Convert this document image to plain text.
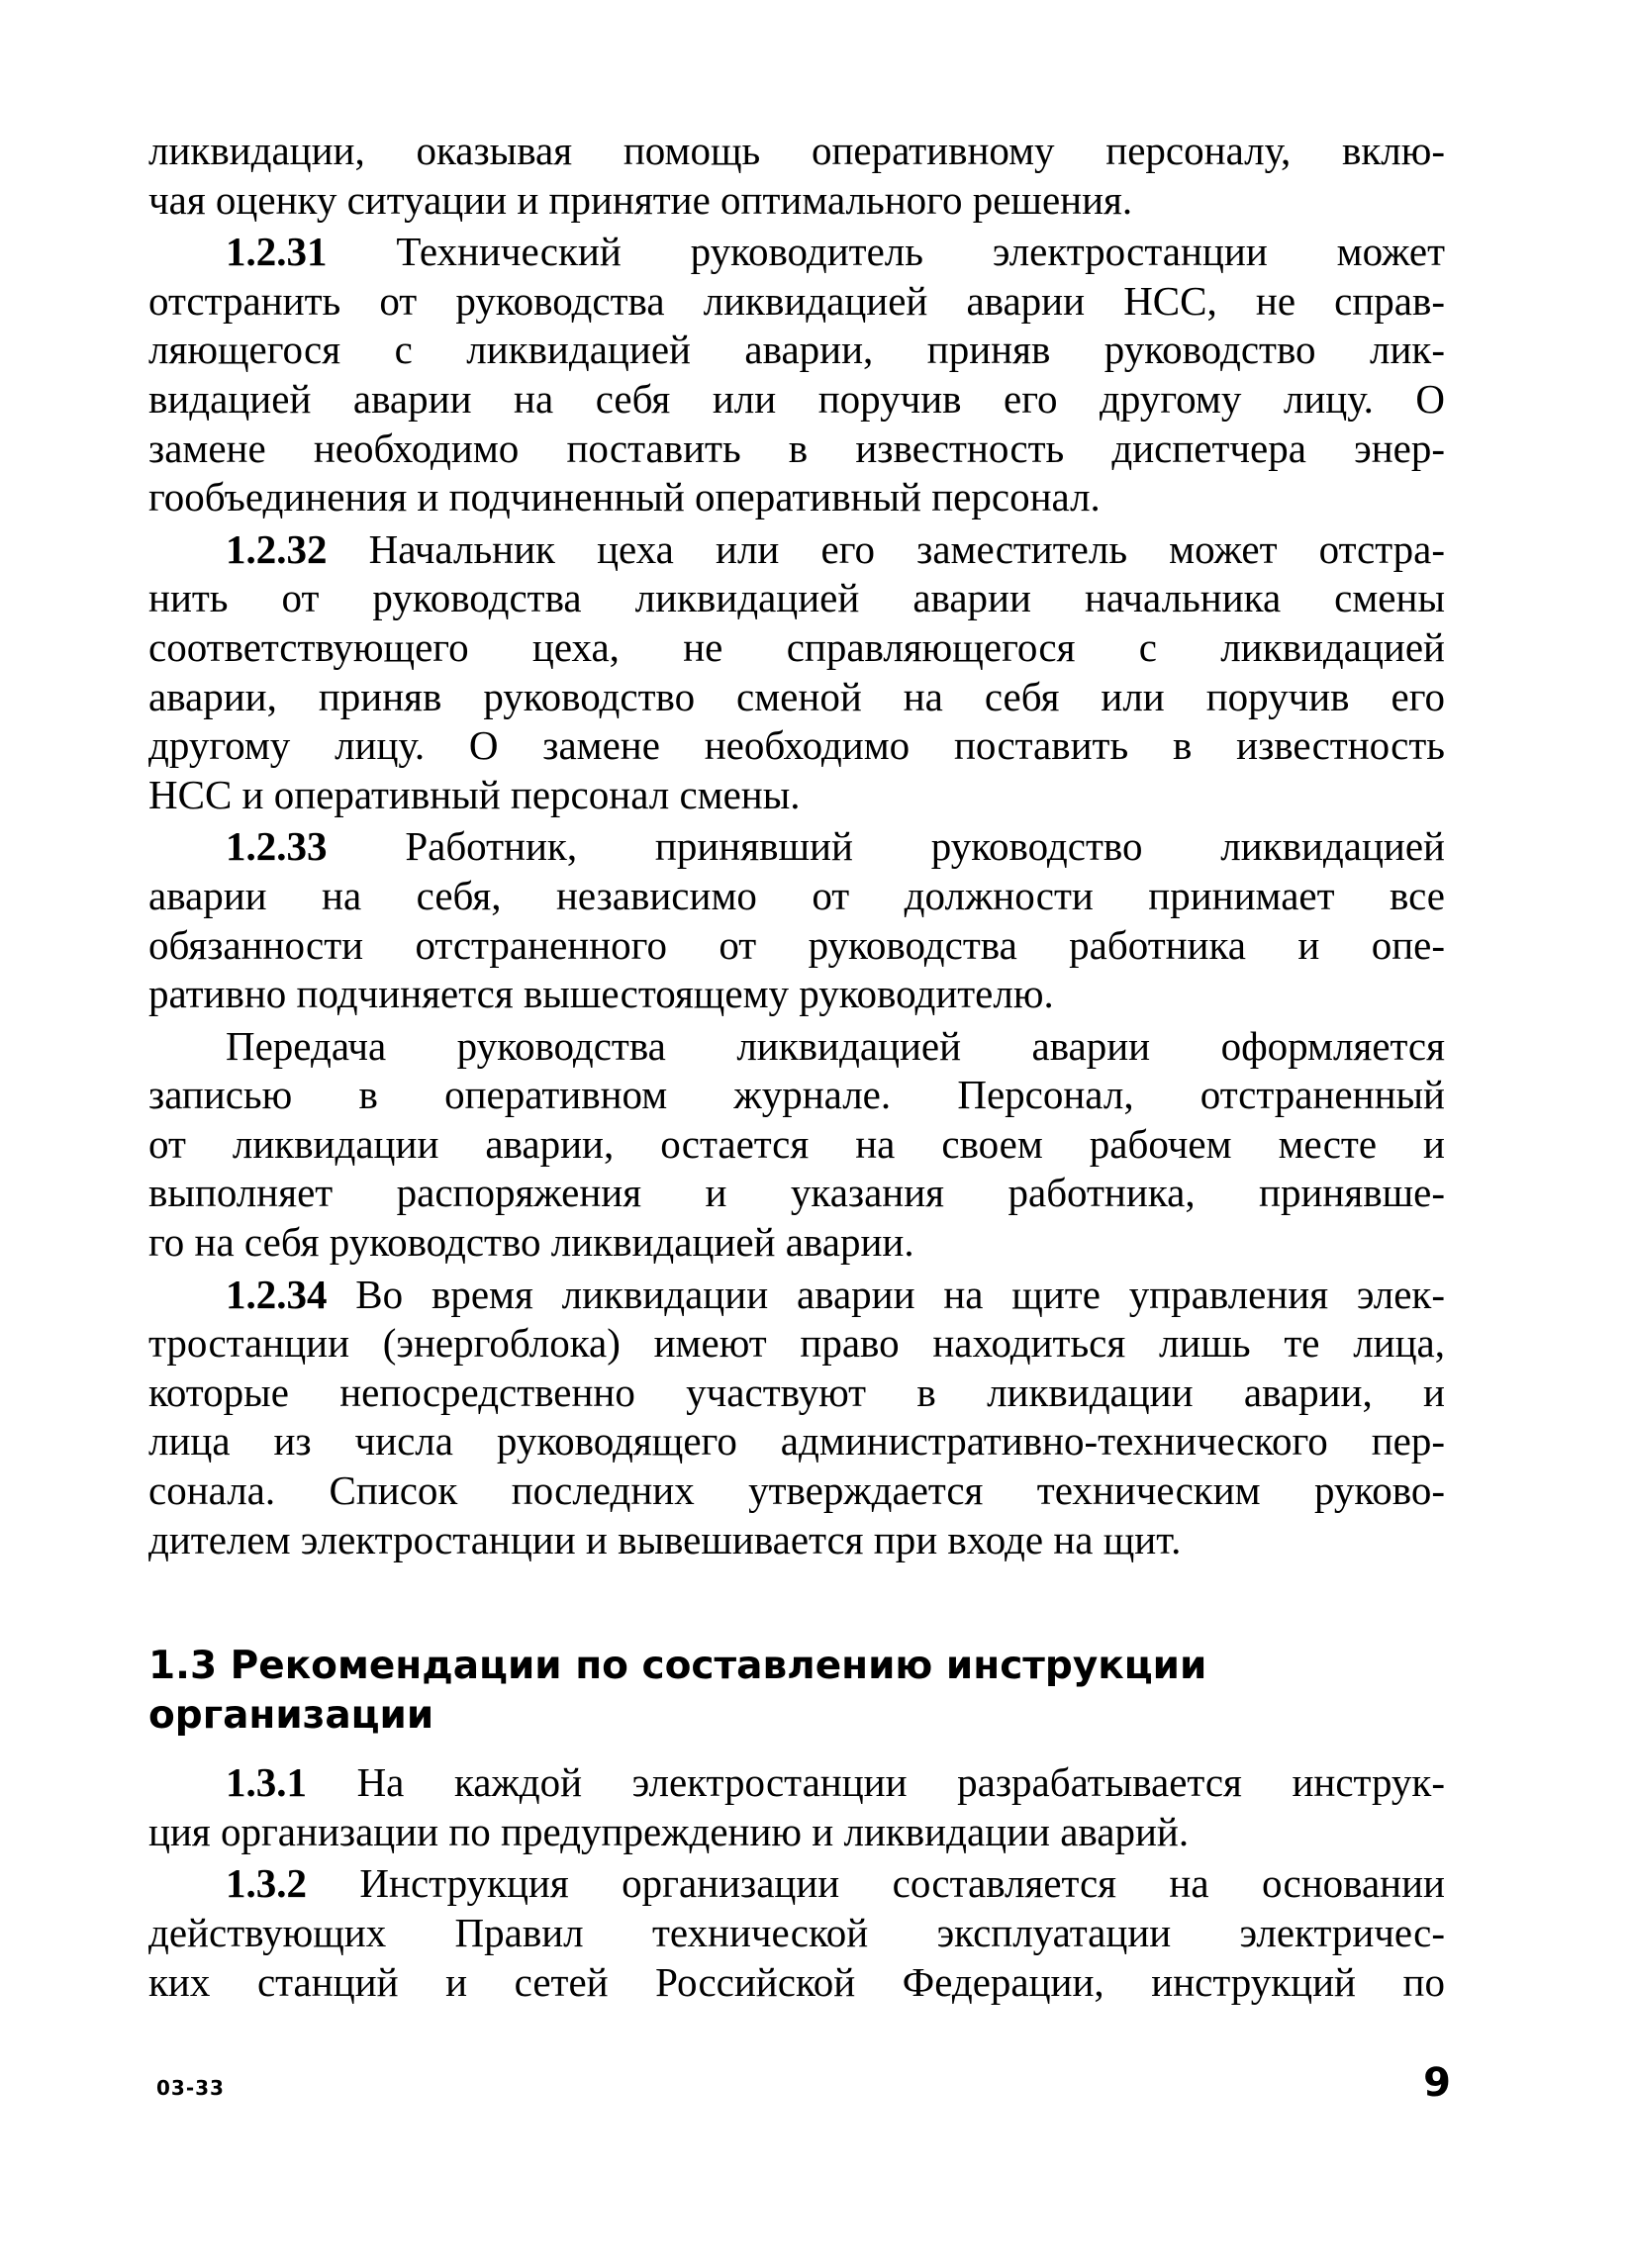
ликвидации, оказывая помощь оперативному персоналу, вклю-
чая оценку ситуации и принятие оптимального решения.
1.2.31 Технический руководитель электростанции может
отстранить от руководства ликвидацией аварии НСС, не справ-
ляющегося с ликвидацией аварии, приняв руководство лик-
видацией аварии на себя или поручив его другому лицу. О
замене необходимо поставить в известность диспетчера энер-
гообъединения и подчиненный оперативный персонал.
1.2.32 Начальник цеха или его заместитель может отстра-
нить от руководства ликвидацией аварии начальника смены
соответствующего цеха, не справляющегося с ликвидацией
аварии, приняв руководство сменой на себя или поручив его
другому лицу. О замене необходимо поставить в известность
НСС и оперативный персонал смены.
1.2.33 Работник, принявший руководство ликвидацией
аварии на себя, независимо от должности принимает все
обязанности отстраненного от руководства работника и опе-
ративно подчиняется вышестоящему руководителю.
Передача руководства ликвидацией аварии оформляется
записью в оперативном журнале. Персонал, отстраненный
от ликвидации аварии, остается на своем рабочем месте и
выполняет распоряжения и указания работника, принявше-
го на себя руководство ликвидацией аварии.
1.2.34 Во время ликвидации аварии на щите управления элек-
тростанции (энергоблока) имеют право находиться лишь те лица,
которые непосредственно участвуют в ликвидации аварии, и
лица из числа руководящего административно-технического пер-
сонала. Список последних утверждается техническим руково-
дителем электростанции и вывешивается при входе на щит.
1.3 Рекомендации по составлению инструкции
организации
1.3.1 На каждой электростанции разрабатывается инструк-
ция организации по предупреждению и ликвидации аварий.
1.3.2 Инструкция организации составляется на основании
действующих Правил технической эксплуатации электричес-
ких станций и сетей Российской Федерации, инструкций по
03-33	9
